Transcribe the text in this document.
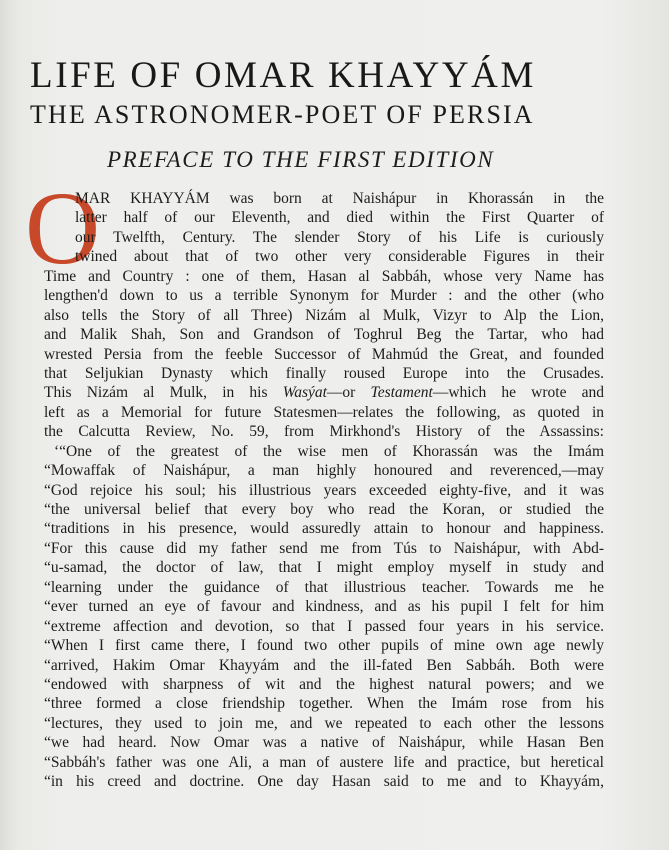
LIFE OF OMAR KHAYYÁM
THE ASTRONOMER-POET OF PERSIA
PREFACE TO THE FIRST EDITION
O
MAR KHAYYÁM was born at Naishápur in Khorassán in the
latter half of our Eleventh, and died within the First Quarter of
our Twelfth, Century. The slender Story of his Life is curiously
twined about that of two other very considerable Figures in their
Time and Country : one of them, Hasan al Sabbáh, whose very Name has
lengthen'd down to us a terrible Synonym for Murder : and the other (who
also tells the Story of all Three) Nizám al Mulk, Vizyr to Alp the Lion,
and Malik Shah, Son and Grandson of Toghrul Beg the Tartar, who had
wrested Persia from the feeble Successor of Mahmúd the Great, and founded
that Seljukian Dynasty which finally roused Europe into the Crusades.
This Nizám al Mulk, in his Wasýat—or Testament—which he wrote and
left as a Memorial for future Statesmen—relates the following, as quoted in
the Calcutta Review, No. 59, from Mirkhond's History of the Assassins:
‘“One of the greatest of the wise men of Khorassán was the Imám
“Mowaffak of Naishápur, a man highly honoured and reverenced,—may
“God rejoice his soul; his illustrious years exceeded eighty-five, and it was
“the universal belief that every boy who read the Koran, or studied the
“traditions in his presence, would assuredly attain to honour and happiness.
“For this cause did my father send me from Tús to Naishápur, with Abd-
“u-samad, the doctor of law, that I might employ myself in study and
“learning under the guidance of that illustrious teacher. Towards me he
“ever turned an eye of favour and kindness, and as his pupil I felt for him
“extreme affection and devotion, so that I passed four years in his service.
“When I first came there, I found two other pupils of mine own age newly
“arrived, Hakim Omar Khayyám and the ill-fated Ben Sabbáh. Both were
“endowed with sharpness of wit and the highest natural powers; and we
“three formed a close friendship together. When the Imám rose from his
“lectures, they used to join me, and we repeated to each other the lessons
“we had heard. Now Omar was a native of Naishápur, while Hasan Ben
“Sabbáh's father was one Ali, a man of austere life and practice, but heretical
“in his creed and doctrine. One day Hasan said to me and to Khayyám,
